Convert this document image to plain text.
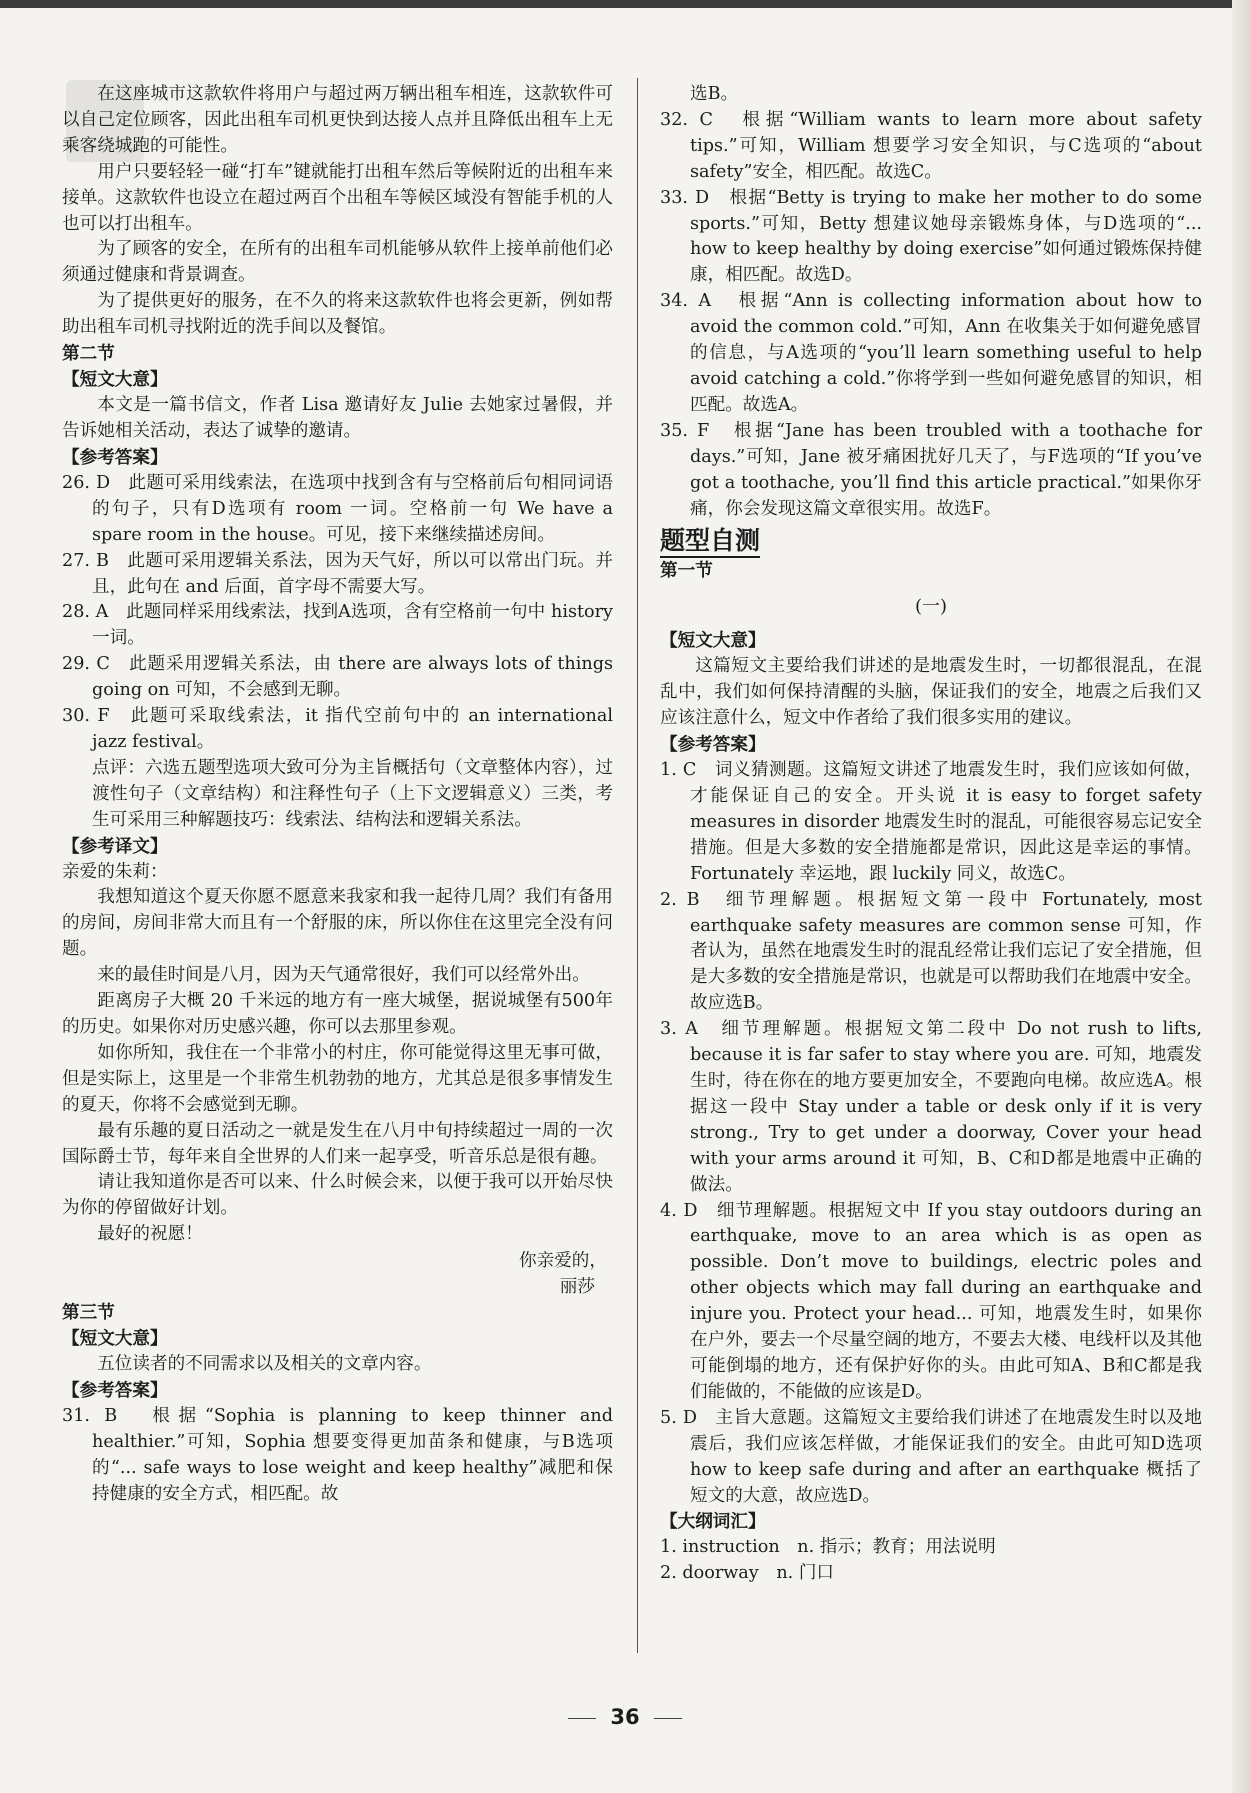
在这座城市这款软件将用户与超过两万辆出租车相连，这款软件可以自己定位顾客，因此出租车司机更快到达接人点并且降低出租车上无乘客绕城跑的可能性。

用户只要轻轻一碰“打车”键就能打出租车然后等候附近的出租车来接单。这款软件也设立在超过两百个出租车等候区域没有智能手机的人也可以打出租车。

为了顾客的安全，在所有的出租车司机能够从软件上接单前他们必须通过健康和背景调查。

为了提供更好的服务，在不久的将来这款软件也将会更新，例如帮助出租车司机寻找附近的洗手间以及餐馆。

第二节

【短文大意】

本文是一篇书信文，作者 Lisa 邀请好友 Julie 去她家过暑假，并告诉她相关活动，表达了诚挚的邀请。

【参考答案】

26. D　此题可采用线索法，在选项中找到含有与空格前后句相同词语的句子，只有D选项有 room 一词。空格前一句 We have a spare room in the house。可见，接下来继续描述房间。

27. B　此题可采用逻辑关系法，因为天气好，所以可以常出门玩。并且，此句在 and 后面，首字母不需要大写。

28. A　此题同样采用线索法，找到A选项，含有空格前一句中 history 一词。

29. C　此题采用逻辑关系法，由 there are always lots of things going on 可知，不会感到无聊。

30. F　此题可采取线索法，it 指代空前句中的 an international jazz festival。

点评：六选五题型选项大致可分为主旨概括句（文章整体内容），过渡性句子（文章结构）和注释性句子（上下文逻辑意义）三类，考生可采用三种解题技巧：线索法、结构法和逻辑关系法。

【参考译文】

亲爱的朱莉：

我想知道这个夏天你愿不愿意来我家和我一起待几周？我们有备用的房间，房间非常大而且有一个舒服的床，所以你住在这里完全没有问题。

来的最佳时间是八月，因为天气通常很好，我们可以经常外出。

距离房子大概 20 千米远的地方有一座大城堡，据说城堡有500年的历史。如果你对历史感兴趣，你可以去那里参观。

如你所知，我住在一个非常小的村庄，你可能觉得这里无事可做，但是实际上，这里是一个非常生机勃勃的地方，尤其总是很多事情发生的夏天，你将不会感觉到无聊。

最有乐趣的夏日活动之一就是发生在八月中旬持续超过一周的一次国际爵士节，每年来自全世界的人们来一起享受，听音乐总是很有趣。

请让我知道你是否可以来、什么时候会来，以便于我可以开始尽快为你的停留做好计划。

最好的祝愿！

你亲爱的，

丽莎

第三节

【短文大意】

五位读者的不同需求以及相关的文章内容。

【参考答案】

31. B　根据“Sophia is planning to keep thinner and healthier.”可知，Sophia 想要变得更加苗条和健康，与B选项的“... safe ways to lose weight and keep healthy”减肥和保持健康的安全方式，相匹配。故

选B。

32. C　根据“William wants to learn more about safety tips.”可知，William 想要学习安全知识，与C选项的“about safety”安全，相匹配。故选C。

33. D　根据“Betty is trying to make her mother to do some sports.”可知，Betty 想建议她母亲锻炼身体，与D选项的“... how to keep healthy by doing exercise”如何通过锻炼保持健康，相匹配。故选D。

34. A　根据“Ann is collecting information about how to avoid the common cold.”可知，Ann 在收集关于如何避免感冒的信息，与A选项的“you’ll learn something useful to help avoid catching a cold.”你将学到一些如何避免感冒的知识，相匹配。故选A。

35. F　根据“Jane has been troubled with a toothache for days.”可知，Jane 被牙痛困扰好几天了，与F选项的“If you’ve got a toothache, you’ll find this article practical.”如果你牙痛，你会发现这篇文章很实用。故选F。

题型自测

第一节

(一)

【短文大意】

这篇短文主要给我们讲述的是地震发生时，一切都很混乱，在混乱中，我们如何保持清醒的头脑，保证我们的安全，地震之后我们又应该注意什么，短文中作者给了我们很多实用的建议。

【参考答案】

1. C　词义猜测题。这篇短文讲述了地震发生时，我们应该如何做，才能保证自己的安全。开头说 it is easy to forget safety measures in disorder 地震发生时的混乱，可能很容易忘记安全措施。但是大多数的安全措施都是常识，因此这是幸运的事情。Fortunately 幸运地，跟 luckily 同义，故选C。

2. B　细节理解题。根据短文第一段中 Fortunately, most earthquake safety measures are common sense 可知，作者认为，虽然在地震发生时的混乱经常让我们忘记了安全措施，但是大多数的安全措施是常识，也就是可以帮助我们在地震中安全。故应选B。

3. A　细节理解题。根据短文第二段中 Do not rush to lifts, because it is far safer to stay where you are. 可知，地震发生时，待在你在的地方要更加安全，不要跑向电梯。故应选A。根据这一段中 Stay under a table or desk only if it is very strong., Try to get under a doorway, Cover your head with your arms around it 可知，B、C和D都是地震中正确的做法。

4. D　细节理解题。根据短文中 If you stay outdoors during an earthquake, move to an area which is as open as possible. Don’t move to buildings, electric poles and other objects which may fall during an earthquake and injure you. Protect your head... 可知，地震发生时，如果你在户外，要去一个尽量空阔的地方，不要去大楼、电线杆以及其他可能倒塌的地方，还有保护好你的头。由此可知A、B和C都是我们能做的，不能做的应该是D。

5. D　主旨大意题。这篇短文主要给我们讲述了在地震发生时以及地震后，我们应该怎样做，才能保证我们的安全。由此可知D选项 how to keep safe during and after an earthquake 概括了短文的大意，故应选D。

【大纲词汇】

1. instruction　n. 指示；教育；用法说明

2. doorway　n. 门口

36
